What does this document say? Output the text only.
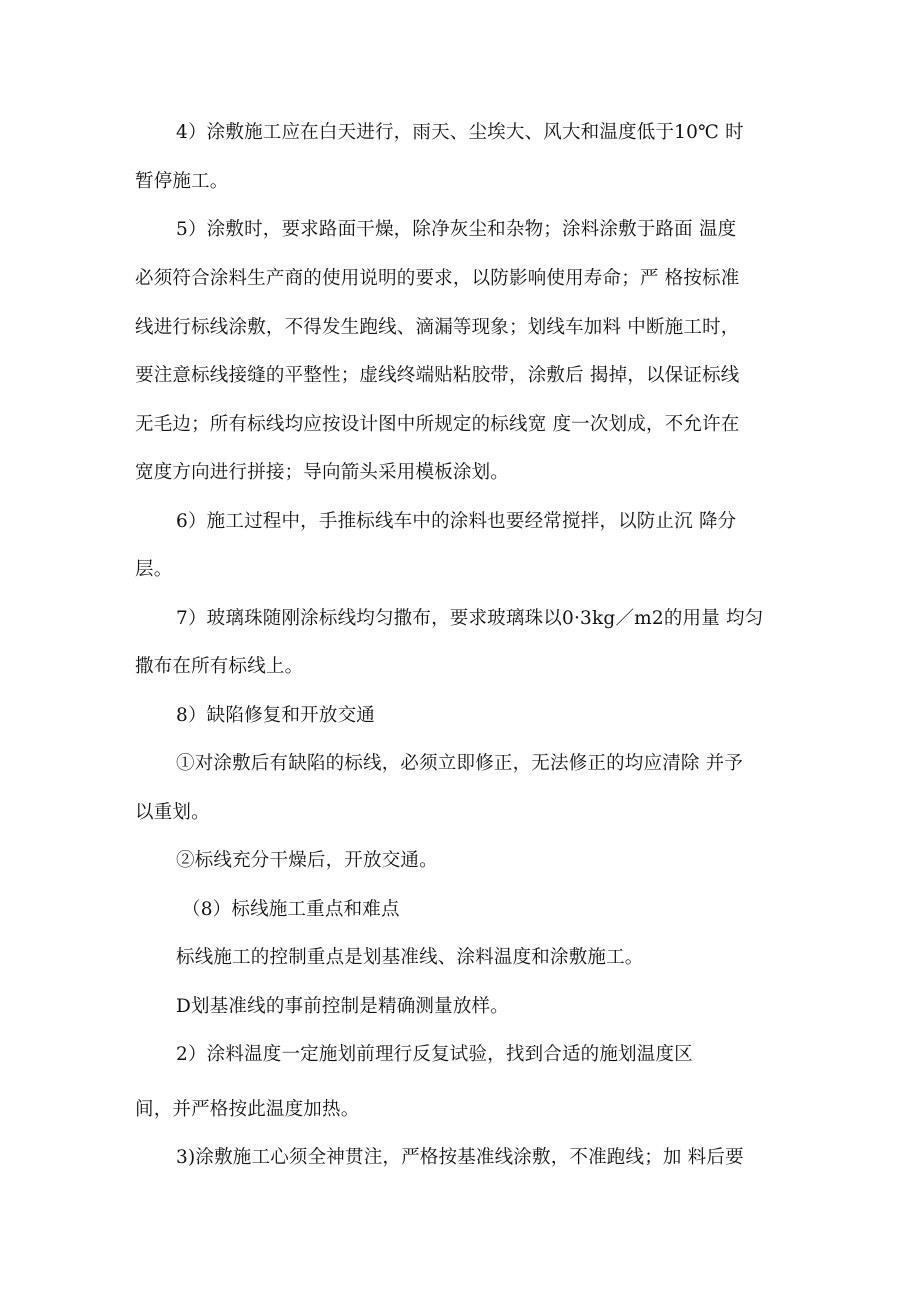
4）涂敷施工应在白天进行，雨天、尘埃大、风大和温度低于10℃ 时
暂停施工。
5）涂敷时，要求路面干燥，除净灰尘和杂物；涂料涂敷于路面 温度
必须符合涂料生产商的使用说明的要求，以防影响使用寿命；严 格按标准
线进行标线涂敷，不得发生跑线、滴漏等现象；划线车加料 中断施工时，
要注意标线接缝的平整性；虚线终端贴粘胶带，涂敷后 揭掉，以保证标线
无毛边；所有标线均应按设计图中所规定的标线宽 度一次划成，不允许在
宽度方向进行拼接；导向箭头采用模板涂划。
6）施工过程中，手推标线车中的涂料也要经常搅拌，以防止沉 降分
层。
7）玻璃珠随刚涂标线均匀撒布，要求玻璃珠以0·3kg／m2的用量 均匀
撒布在所有标线上。
8）缺陷修复和开放交通
①对涂敷后有缺陷的标线，必须立即修正，无法修正的均应清除 并予
以重划。
②标线充分干燥后，开放交通。
（8）标线施工重点和难点
标线施工的控制重点是划基准线、涂料温度和涂敷施工。
D划基准线的事前控制是精确测量放样。
2）涂料温度一定施划前理行反复试验，找到合适的施划温度区
间，并严格按此温度加热。
3)涂敷施工心须全神贯注，严格按基准线涂敷，不准跑线；加 料后要
